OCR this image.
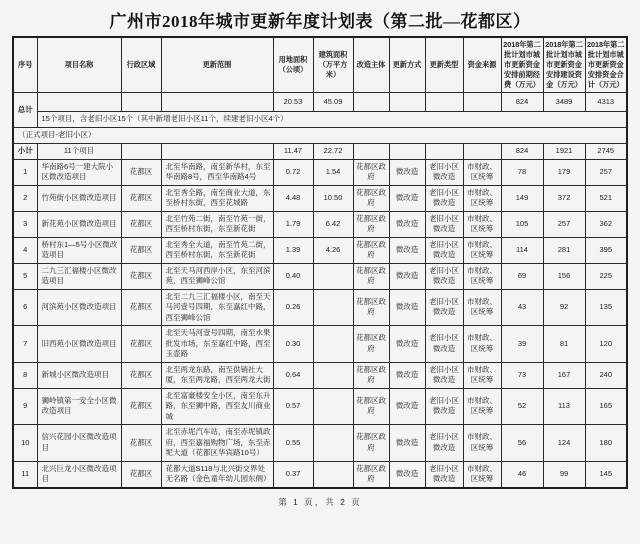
广州市2018年城市更新年度计划表（第二批—花都区）
序号	项目名称	行政区域	更新范围	用地面积（公顷）	建筑面积（万平方米）	改造主体	更新方式	更新类型	资金来源	2018年第二批计划市城市更新资金安排前期经费（万元）	2018年第二批计划市城市更新资金安排建设资金（万元）	2018年第二批计划市城市更新资金安排资金合计（万元）
总计				20.53	45.09					824	3489	4313
	15个项目，含老旧小区15个（其中新增老旧小区11个，续建老旧小区4个）											
（正式项目-老旧小区）												
小计	11个项目			11.47	22.72					824	1921	2745
1	华南路6号一建大院小区微改造项目	花都区	北至华南路，南至新华村，东至华南路8号，西至华南路4号	0.72	1.54	花都区政府	微改造	老旧小区微改造	市财政、区统筹	78	179	257
2	竹苑街小区微改造项目	花都区	北至秀全路，南至商业大道，东至桥村东街，西至花城路	4.48	10.50	花都区政府	微改造	老旧小区微改造	市财政、区统筹	149	372	521
3	新花苑小区微改造项目	花都区	北至竹苑二街，南至竹苑一街，西至桥村东街，东至新花街	1.79	6.42	花都区政府	微改造	老旧小区微改造	市财政、区统筹	105	257	362
4	桥村东1—5号小区微改造项目	花都区	北至秀全大道，南至竹苑二街，西至桥村东街，东至新花街	1.39	4.26	花都区政府	微改造	老旧小区微改造	市财政、区统筹	114	281	395
5	二九三汇福楼小区微改造项目	花都区	北至天马河西岸小区，东至河滨苑，西至狮峰公馆	0.40		花都区政府	微改造	老旧小区微改造	市财政、区统筹	69	156	225
6	河滨苑小区微改造项目	花都区	北至二九三汇福楼小区，南至天马河壹号四期，东至嘉红中路，西至狮峰公馆	0.26		花都区政府	微改造	老旧小区微改造	市财政、区统筹	43	92	135
7	旧西苑小区微改造项目	花都区	北至天马河壹号四期，南至水果批发市场，东至嘉红中路，西至玉壶路	0.30		花都区政府	微改造	老旧小区微改造	市财政、区统筹	39	81	120
8	新城小区微改造项目	花都区	北至两龙东路，南至供销社大厦，东至两龙路，西至两龙大街	0.64		花都区政府	微改造	老旧小区微改造	市财政、区统筹	73	167	240
9	狮岭镇第一安全小区微改造项目	花都区	北至富豪楼安全小区，南至东升路，东至狮中路，西至友川商业城	0.57		花都区政府	微改造	老旧小区微改造	市财政、区统筹	52	113	165
10	信兴花园小区微改造项目	花都区	北至赤坭汽车站，南至赤坭镇政府，西至嘉福购物广场，东至赤坭大道（花都区华宾路10号）	0.55		花都区政府	微改造	老旧小区微改造	市财政、区统筹	56	124	180
11	北兴巨龙小区微改造项目	花都区	花都大道S118与北兴街交界处无名路（金色童年幼儿园东侧）	0.37		花都区政府	微改造	老旧小区微改造	市财政、区统筹	46	99	145
第 1 页，共 2 页
